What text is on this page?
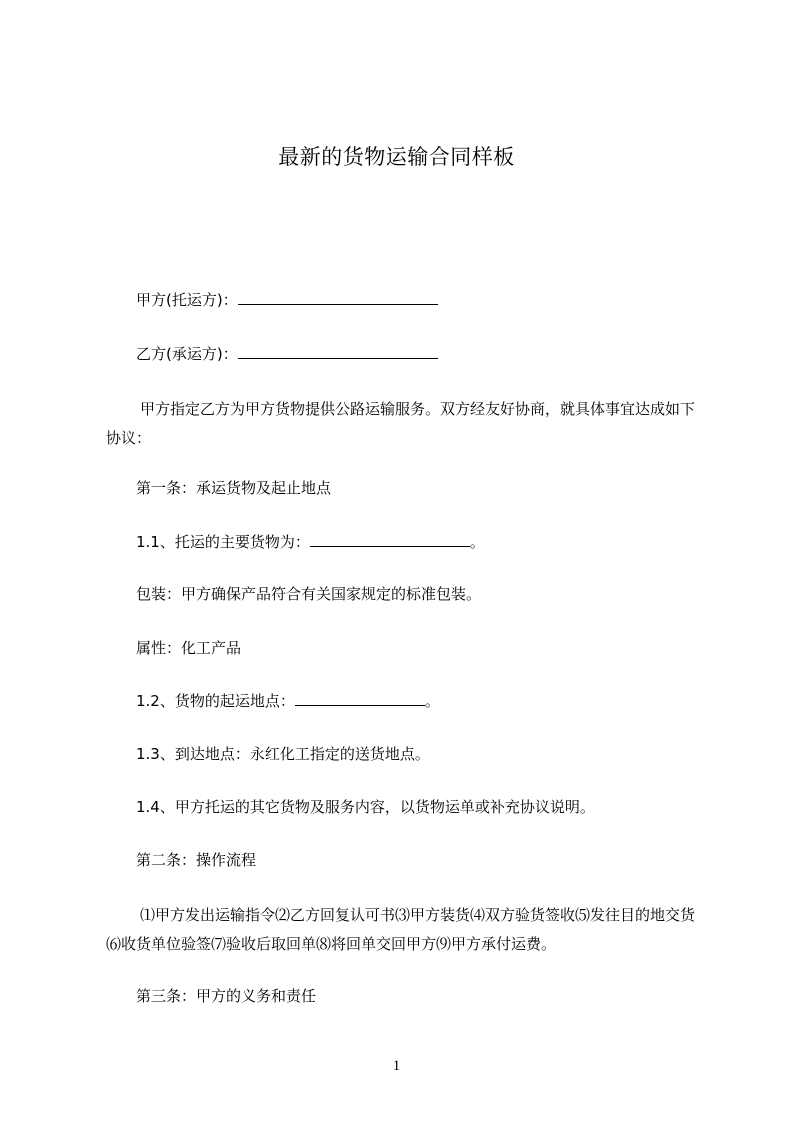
最新的货物运输合同样板
甲方(托运方)：
乙方(承运方)：
甲方指定乙方为甲方货物提供公路运输服务。双方经友好协商，就具体事宜达成如下协议：
第一条：承运货物及起止地点
1.1、托运的主要货物为：	。
包装：甲方确保产品符合有关国家规定的标准包装。
属性：化工产品
1.2、货物的起运地点：	。
1.3、到达地点：永红化工指定的送货地点。
1.4、甲方托运的其它货物及服务内容，以货物运单或补充协议说明。
第二条：操作流程
⑴甲方发出运输指令⑵乙方回复认可书⑶甲方装货⑷双方验货签收⑸发往目的地交货⑹收货单位验签⑺验收后取回单⑻将回单交回甲方⑼甲方承付运费。
第三条：甲方的义务和责任
1
